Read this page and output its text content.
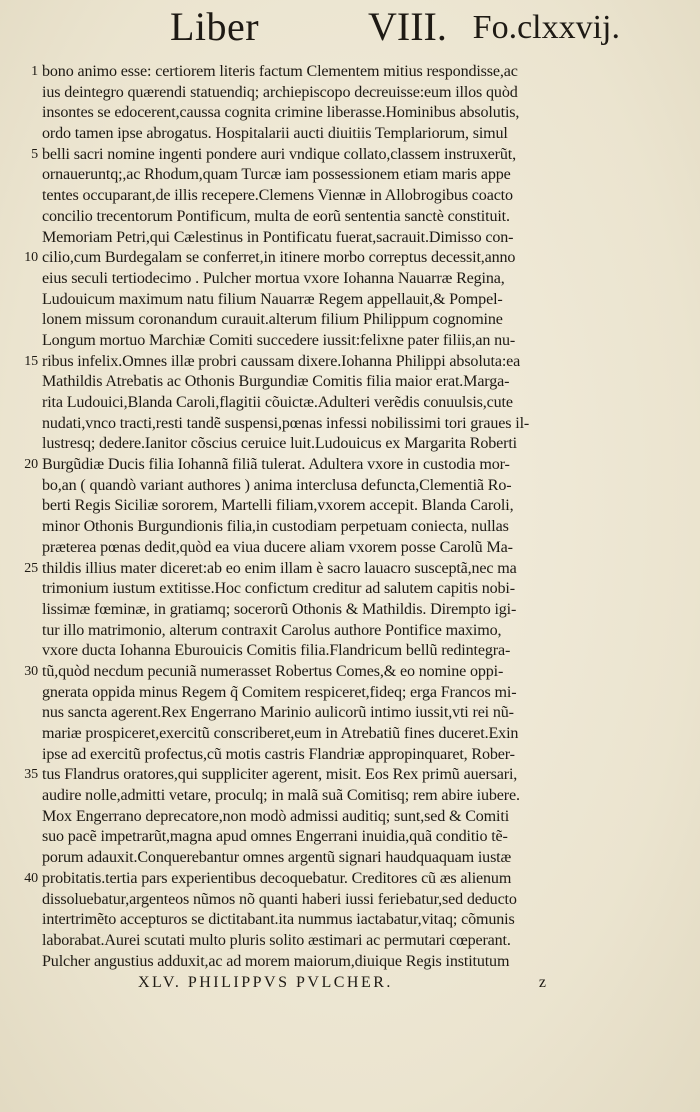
Liber	VIII. Fo.clxxvij.
1 bono animo esse: certiorem literis factum Clementem mitius respondisse,ac
ius deintegro quærendi statuendiq; archiepiscopo decreuisse:eum illos quòd
insontes se edocerent,caussa cognita crimine liberasse.Hominibus absolutis,
ordo tamen ipse abrogatus. Hospitalarii aucti diuitiis Templariorum, simul
5 belli sacri nomine ingenti pondere auri vndique collato,classem instruxerũt,
ornaueruntq;,ac Rhodum,quam Turcæ iam possessionem etiam maris appe
tentes occuparant,de illis recepere.Clemens Viennæ in Allobrogibus coacto
concilio trecentorum Pontificum, multa de eorũ sententia sanctè constituit.
Memoriam Petri,qui Cælestinus in Pontificatu fuerat,sacrauit.Dimisso con-
10 cilio,cum Burdegalam se conferret,in itinere morbo correptus decessit,anno
eius seculi tertiodecimo . Pulcher mortua vxore Iohanna Nauarræ Regina,
Ludouicum maximum natu filium Nauarræ Regem appellauit,& Pompel-
lonem missum coronandum curauit.alterum filium Philippum cognomine
Longum mortuo Marchiæ Comiti succedere iussit:felixne pater filiis,an nu-
15 ribus infelix.Omnes illæ probri caussam dixere.Iohanna Philippi absoluta:ea
Mathildis Atrebatis ac Othonis Burgundiæ Comitis filia maior erat.Marga-
rita Ludouici,Blanda Caroli,flagitii cõuictæ.Adulteri verẽdis conuulsis,cute
nudati,vnco tracti,resti tandẽ suspensi,pœnas infessi nobilissimi tori graues il-
lustresq; dedere.Ianitor cõscius ceruice luit.Ludouicus ex Margarita Roberti
20 Burgũdiæ Ducis filia Iohannã filiã tulerat. Adultera vxore in custodia mor-
bo,an ( quandò variant authores ) anima interclusa defuncta,Clementiã Ro-
berti Regis Siciliæ sororem, Martelli filiam,vxorem accepit. Blanda Caroli,
minor Othonis Burgundionis filia,in custodiam perpetuam coniecta, nullas
præterea pœnas dedit,quòd ea viua ducere aliam vxorem posse Carolũ Ma-
25 thildis illius mater diceret:ab eo enim illam è sacro lauacro susceptã,nec ma
trimonium iustum extitisse.Hoc confictum creditur ad salutem capitis nobi-
lissimæ fœminæ, in gratiamq; socerorũ Othonis & Mathildis. Dirempto igi-
tur illo matrimonio, alterum contraxit Carolus authore Pontifice maximo,
vxore ducta Iohanna Eburouicis Comitis filia.Flandricum bellũ redintegra-
30 tũ,quòd necdum pecuniã numerasset Robertus Comes,& eo nomine oppi-
gnerata oppida minus Regem q̃ Comitem respiceret,fideq; erga Francos mi-
nus sancta agerent.Rex Engerrano Marinio aulicorũ intimo iussit,vti rei nũ-
mariæ prospiceret,exercitũ conscriberet,eum in Atrebatiũ fines duceret.Exin
ipse ad exercitũ profectus,cũ motis castris Flandriæ appropinquaret, Rober-
35 tus Flandrus oratores,qui suppliciter agerent, misit. Eos Rex primũ auersari,
audire nolle,admitti vetare, proculq; in malã suã Comitisq; rem abire iubere.
Mox Engerrano deprecatore,non modò admissi auditiq; sunt,sed & Comiti
suo pacẽ impetrarũt,magna apud omnes Engerrani inuidia,quã conditio tẽ-
porum adauxit.Conquerebantur omnes argentũ signari haudquaquam iustæ
40 probitatis.tertia pars experientibus decoquebatur. Creditores cũ æs alienum
dissoluebatur,argenteos nũmos nõ quanti haberi iussi feriebatur,sed deducto
intertrimẽto accepturos se dictitabant.ita nummus iactabatur,vitaq; cõmunis
laborabat.Aurei scutati multo pluris solito æstimari ac permutari cœperant.
Pulcher angustius adduxit,ac ad morem maiorum,diuique Regis institutum
XLV. PHILIPPVS PVLCHER.	z
